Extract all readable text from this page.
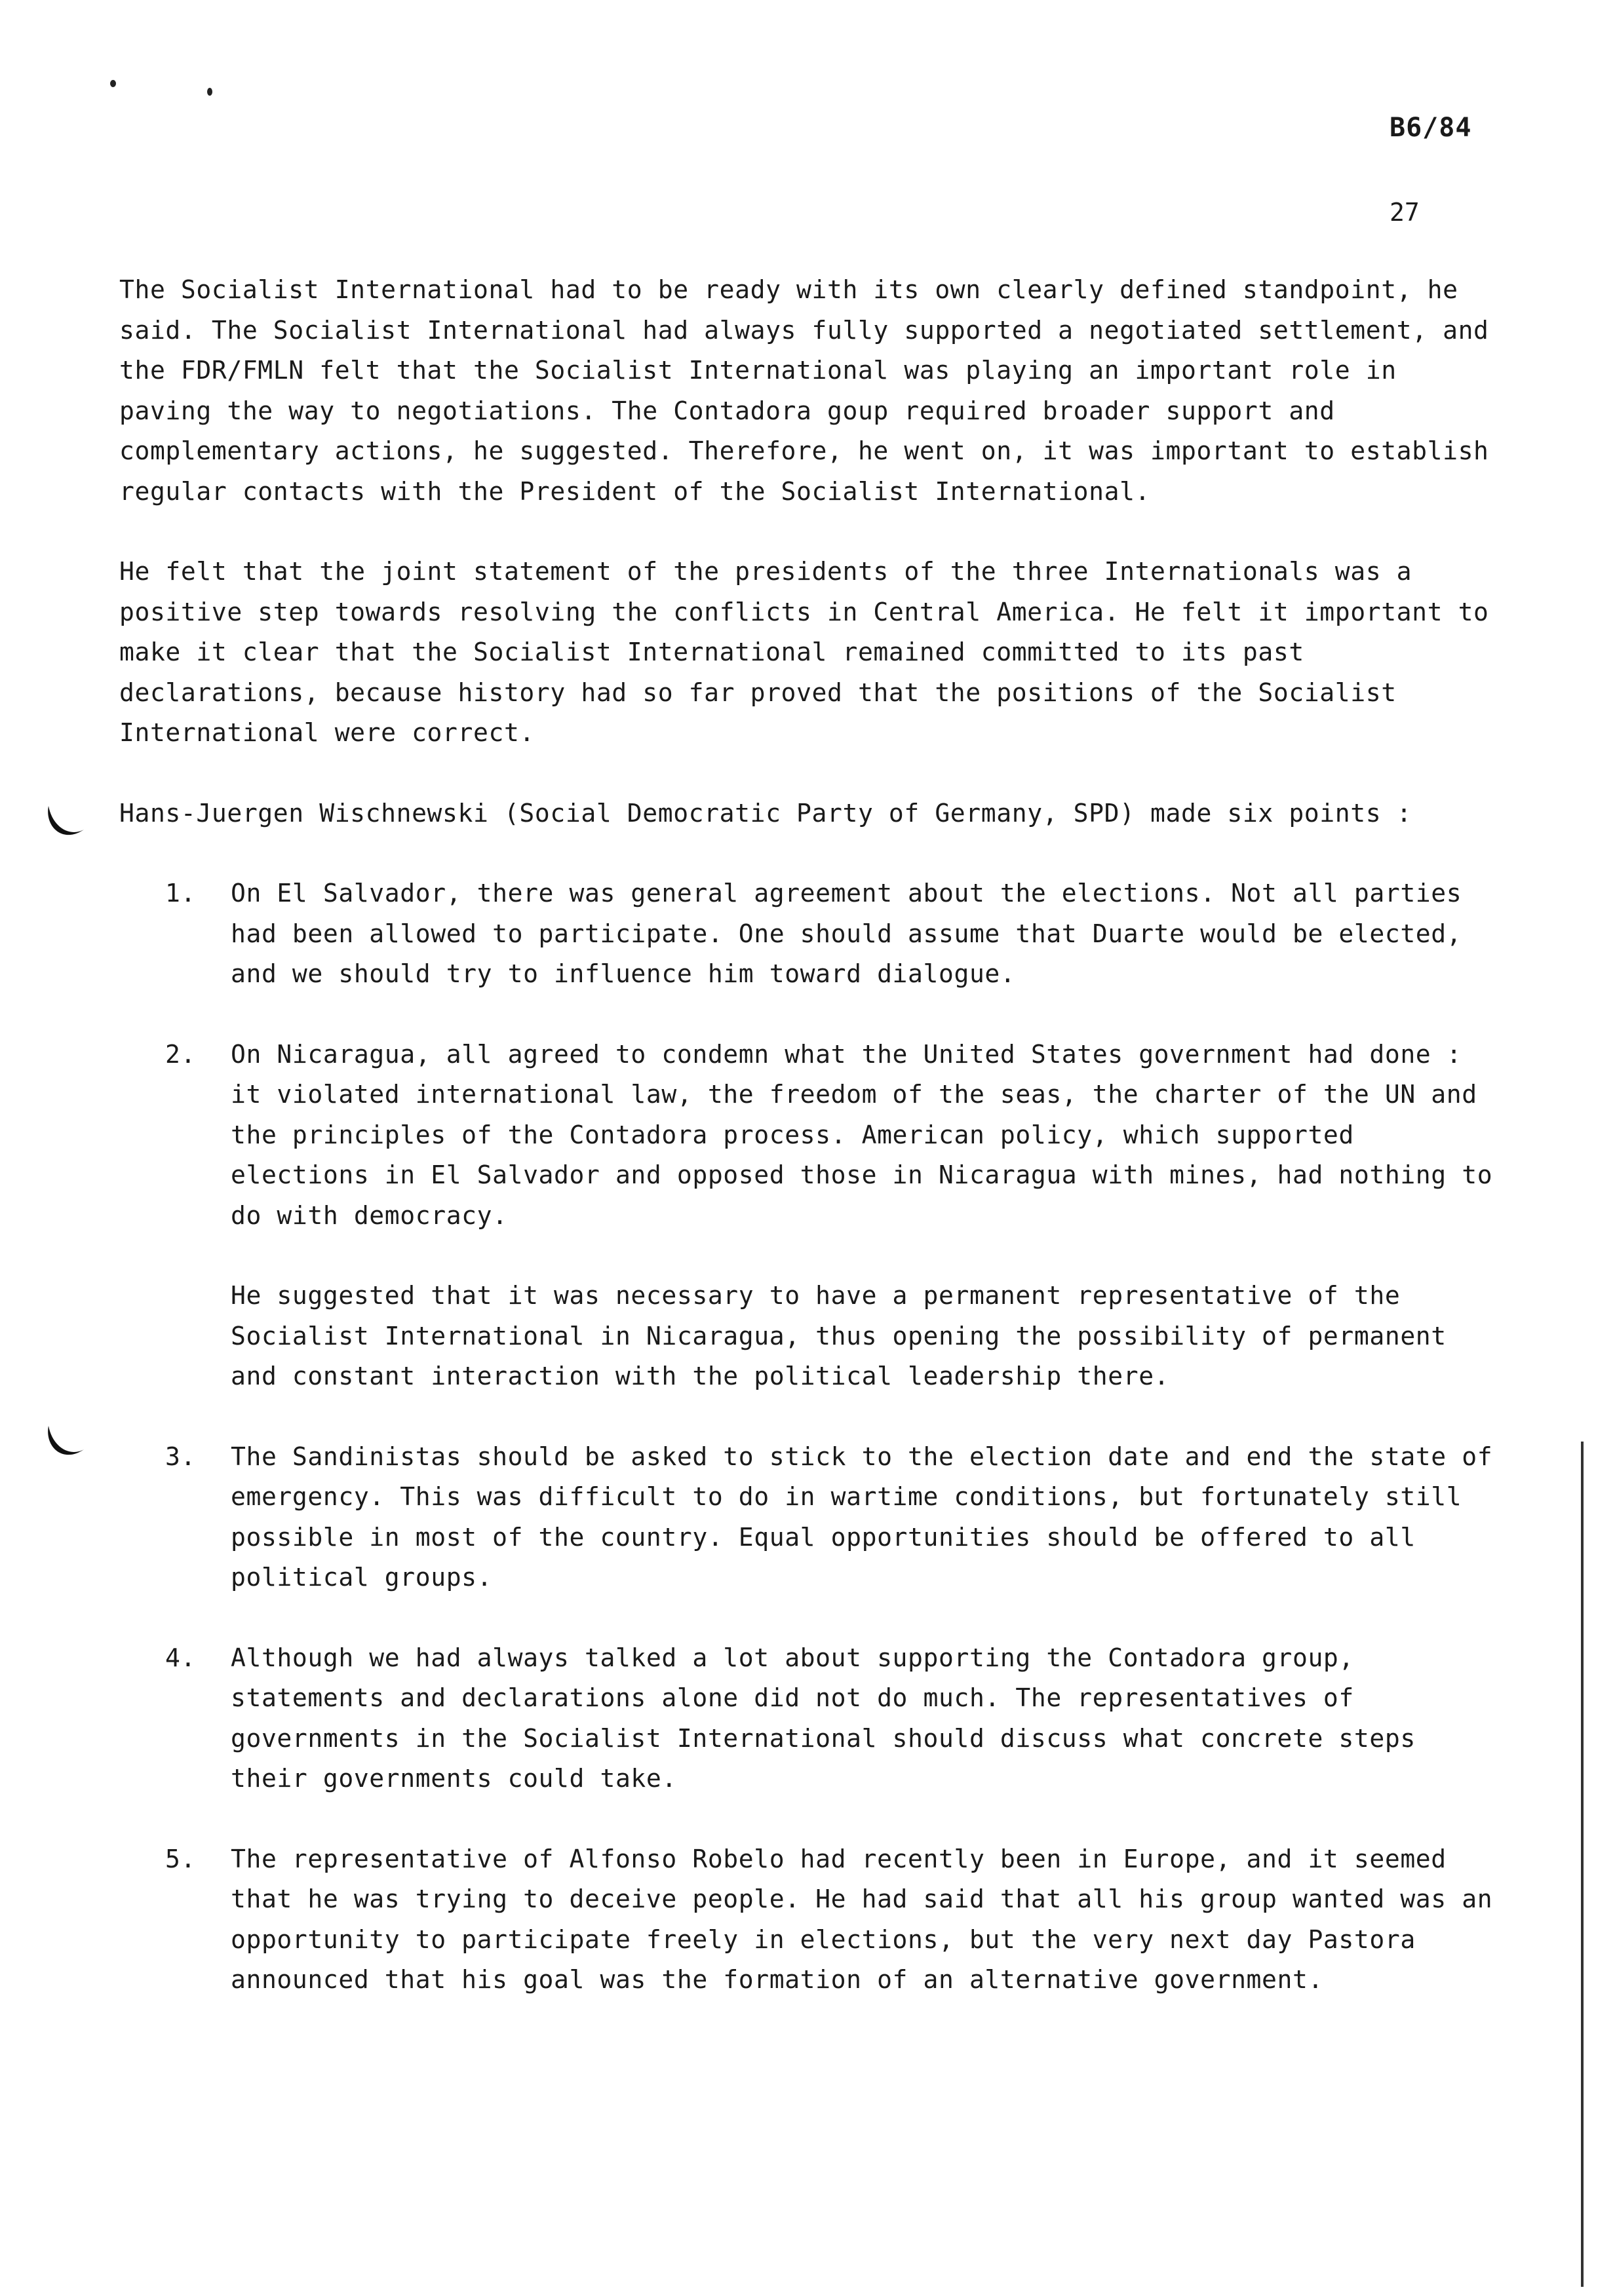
B6/84
27

The Socialist International had to be ready with its own clearly defined standpoint, he said. The Socialist International had always fully supported a negotiated settlement, and the FDR/FMLN felt that the Socialist International was playing an important role in paving the way to negotiations. The Contadora goup required broader support and complementary actions, he suggested. Therefore, he went on, it was important to establish regular contacts with the President of the Socialist International.

He felt that the joint statement of the presidents of the three Internationals was a positive step towards resolving the conflicts in Central America. He felt it important to make it clear that the Socialist International remained committed to its past declarations, because history had so far proved that the positions of the Socialist International were correct.

Hans-Juergen Wischnewski (Social Democratic Party of Germany, SPD) made six points :

1.	On El Salvador, there was general agreement about the elections. Not all parties had been allowed to participate. One should assume that Duarte would be elected, and we should try to influence him toward dialogue.
2.	On Nicaragua, all agreed to condemn what the United States government had done : it violated international law, the freedom of the seas, the charter of the UN and the principles of the Contadora process. American policy, which supported elections in El Salvador and opposed those in Nicaragua with mines, had nothing to do with democracy.

He suggested that it was necessary to have a permanent representative of the Socialist International in Nicaragua, thus opening the possibility of permanent and constant interaction with the political leadership there.

3.	The Sandinistas should be asked to stick to the election date and end the state of emergency. This was difficult to do in wartime conditions, but fortunately still possible in most of the country. Equal opportunities should be offered to all political groups.
4.	Although we had always talked a lot about supporting the Contadora group, statements and declarations alone did not do much. The representatives of governments in the Socialist International should discuss what concrete steps their governments could take.
5.	The representative of Alfonso Robelo had recently been in Europe, and it seemed that he was trying to deceive people. He had said that all his group wanted was an opportunity to participate freely in elections, but the very next day Pastora announced that his goal was the formation of an alternative government.
